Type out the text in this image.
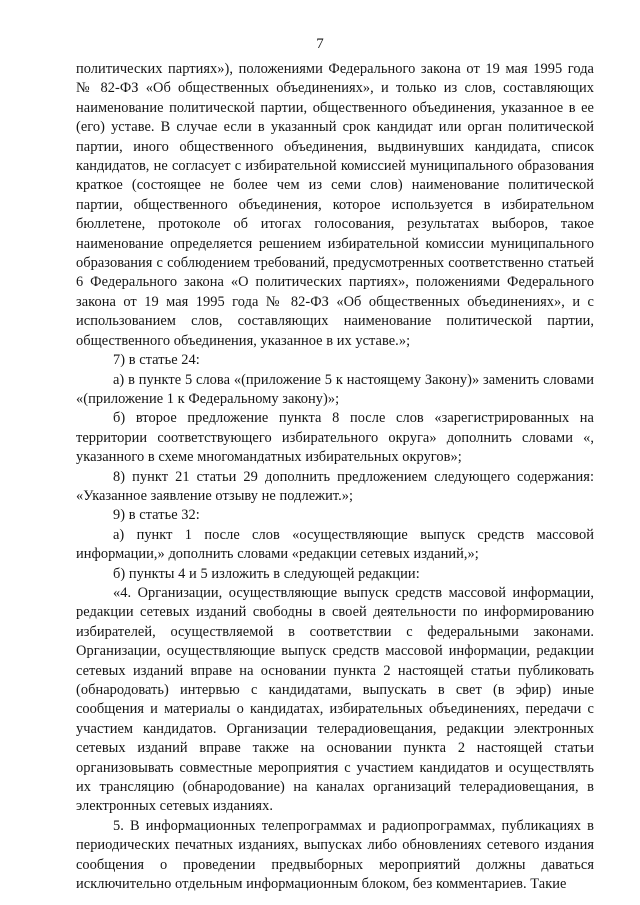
7

политических партиях»), положениями Федерального закона от 19 мая 1995 года № 82-ФЗ «Об общественных объединениях», и только из слов, составляющих наименование политической партии, общественного объединения, указанное в ее (его) уставе. В случае если в указанный срок кандидат или орган политической партии, иного общественного объединения, выдвинувших кандидата, список кандидатов, не согласует с избирательной комиссией муниципального образования краткое (состоящее не более чем из семи слов) наименование политической партии, общественного объединения, которое используется в избирательном бюллетене, протоколе об итогах голосования, результатах выборов, такое наименование определяется решением избирательной комиссии муниципального образования с соблюдением требований, предусмотренных соответственно статьей 6 Федерального закона «О политических партиях», положениями Федерального закона от 19 мая 1995 года № 82-ФЗ «Об общественных объединениях», и с использованием слов, составляющих наименование политической партии, общественного объединения, указанное в их уставе.»;

7) в статье 24:

а) в пункте 5 слова «(приложение 5 к настоящему Закону)» заменить словами «(приложение 1 к Федеральному закону)»;

б) второе предложение пункта 8 после слов «зарегистрированных на территории соответствующего избирательного округа» дополнить словами «, указанного в схеме многомандатных избирательных округов»;

8) пункт 21 статьи 29 дополнить предложением следующего содержания: «Указанное заявление отзыву не подлежит.»;

9) в статье 32:

а) пункт 1 после слов «осуществляющие выпуск средств массовой информации,» дополнить словами «редакции сетевых изданий,»;

б) пункты 4 и 5 изложить в следующей редакции:

«4. Организации, осуществляющие выпуск средств массовой информации, редакции сетевых изданий свободны в своей деятельности по информированию избирателей, осуществляемой в соответствии с федеральными законами. Организации, осуществляющие выпуск средств массовой информации, редакции сетевых изданий вправе на основании пункта 2 настоящей статьи публиковать (обнародовать) интервью с кандидатами, выпускать в свет (в эфир) иные сообщения и материалы о кандидатах, избирательных объединениях, передачи с участием кандидатов. Организации телерадиовещания, редакции электронных сетевых изданий вправе также на основании пункта 2 настоящей статьи организовывать совместные мероприятия с участием кандидатов и осуществлять их трансляцию (обнародование) на каналах организаций телерадиовещания, в электронных сетевых изданиях.

5. В информационных телепрограммах и радиопрограммах, публикациях в периодических печатных изданиях, выпусках либо обновлениях сетевого издания сообщения о проведении предвыборных мероприятий должны даваться исключительно отдельным информационным блоком, без комментариев. Такие
